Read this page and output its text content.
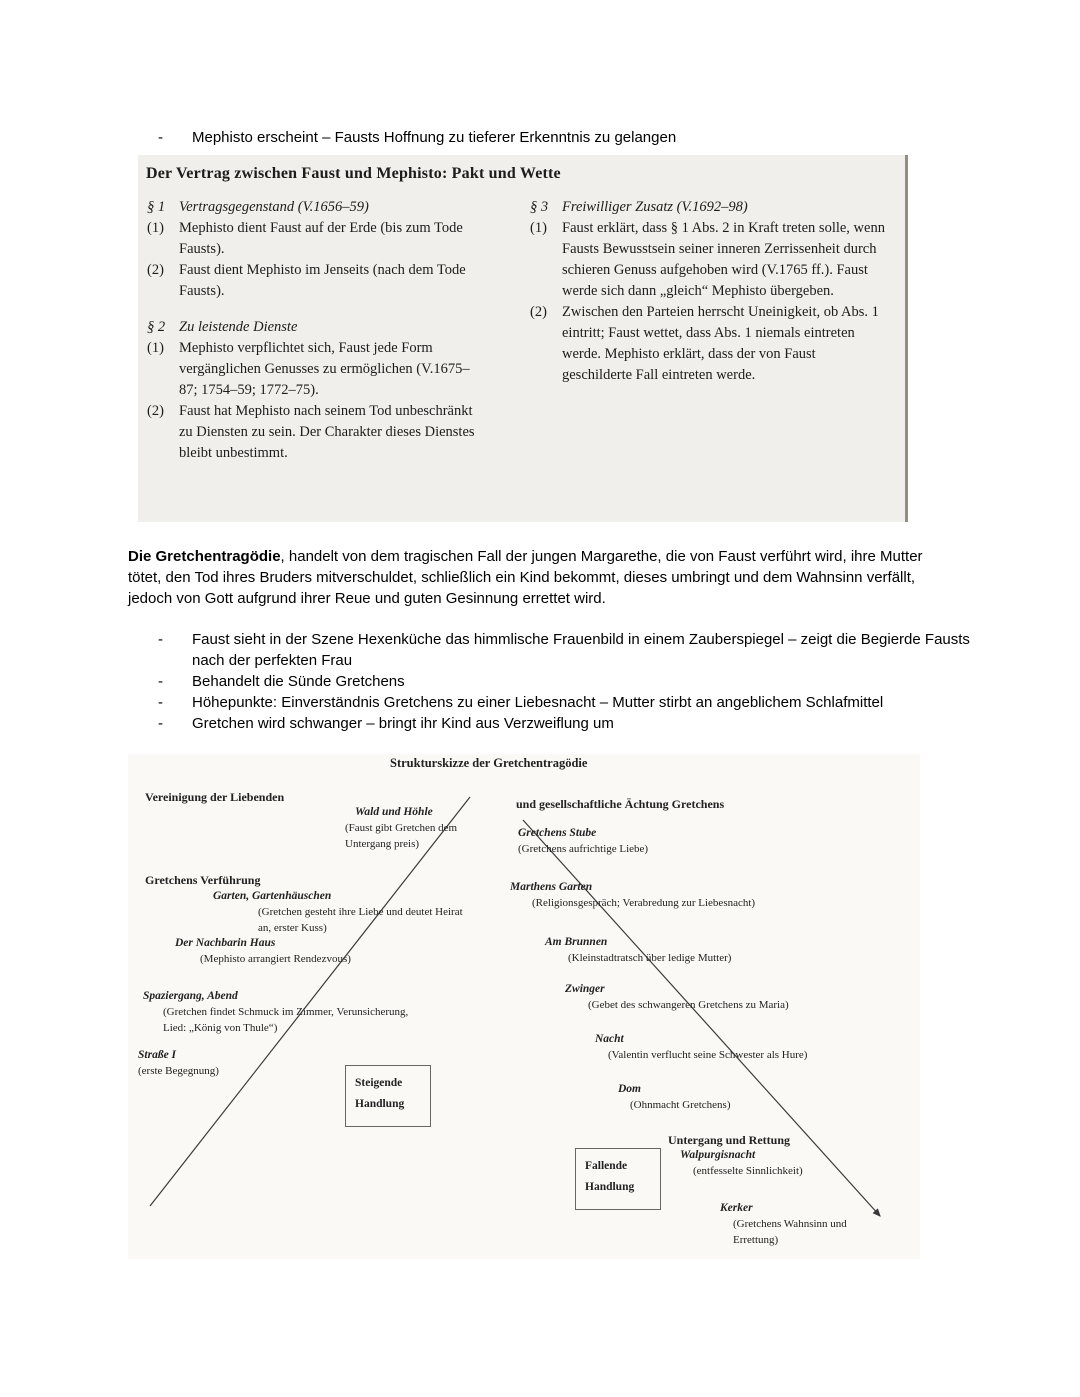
-	Mephisto erscheint – Fausts Hoffnung zu tieferer Erkenntnis zu gelangen
Der Vertrag zwischen Faust und Mephisto: Pakt und Wette

§ 1 Vertragsgegenstand (V.1656–59)

(1)	Mephisto dient Faust auf der Erde (bis zum Tode Fausts).

(2)	Faust dient Mephisto im Jenseits (nach dem Tode Fausts).

§ 2 Zu leistende Dienste

(1)	Mephisto verpflichtet sich, Faust jede Form vergänglichen Genusses zu ermöglichen (V.1675–87; 1754–59; 1772–75).

(2)	Faust hat Mephisto nach seinem Tod unbeschränkt zu Diensten zu sein. Der Charakter dieses Dienstes bleibt unbestimmt.

§ 3 Freiwilliger Zusatz (V.1692–98)

(1)	Faust erklärt, dass § 1 Abs. 2 in Kraft treten solle, wenn Fausts Bewusstsein seiner inneren Zerrissenheit durch schieren Genuss aufgehoben wird (V.1765 ff.). Faust werde sich dann „gleich“ Mephisto übergeben.

(2)	Zwischen den Parteien herrscht Uneinigkeit, ob Abs. 1 eintritt; Faust wettet, dass Abs. 1 niemals eintreten werde. Mephisto erklärt, dass der von Faust geschilderte Fall eintreten werde.

Die Gretchentragödie, handelt von dem tragischen Fall der jungen Margarethe, die von Faust verführt wird, ihre Mutter tötet, den Tod ihres Bruders mitverschuldet, schließlich ein Kind bekommt, dieses umbringt und dem Wahnsinn verfällt, jedoch von Gott aufgrund ihrer Reue und guten Gesinnung errettet wird.

-	Faust sieht in der Szene Hexenküche das himmlische Frauenbild in einem Zauberspiegel – zeigt die Begierde Fausts nach der perfekten Frau
-	Behandelt die Sünde Gretchens
-	Höhepunkte: Einverständnis Gretchens zu einer Liebesnacht – Mutter stirbt an angeblichem Schlafmittel
-	Gretchen wird schwanger – bringt ihr Kind aus Verzweiflung um
Strukturskizze der Gretchentragödie
Vereinigung der Liebenden
Gretchens Verführung
und gesellschaftliche Ächtung Gretchens
Untergang und Rettung
Wald und Höhle
(Faust gibt Gretchen dem Untergang preis)
Garten, Gartenhäuschen
(Gretchen gesteht ihre Liebe und deutet Heirat an, erster Kuss)
Der Nachbarin Haus
(Mephisto arrangiert Rendezvous)
Spaziergang, Abend
(Gretchen findet Schmuck im Zimmer, Verunsicherung, Lied: „König von Thule“)
Straße I
(erste Begegnung)
Gretchens Stube
(Gretchens aufrichtige Liebe)
Marthens Garten
(Religionsgespräch; Verabredung zur Liebesnacht)
Am Brunnen
(Kleinstadtratsch über ledige Mutter)
Zwinger
(Gebet des schwangeren Gretchens zu Maria)
Nacht
(Valentin verflucht seine Schwester als Hure)
Dom
(Ohnmacht Gretchens)
Walpurgisnacht
(entfesselte Sinnlichkeit)
Kerker
(Gretchens Wahnsinn und Errettung)
Steigende Handlung
Fallende Handlung
